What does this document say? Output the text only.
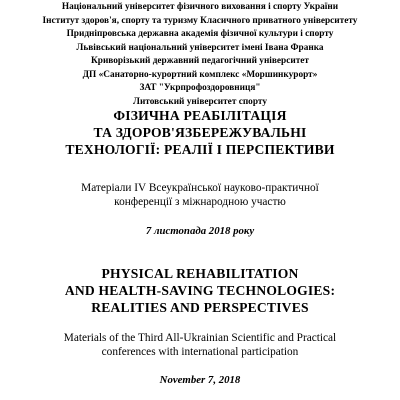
Національний університет фізичного виховання і спорту України
Інститут здоров'я, спорту та туризму Класичного приватного університету
Придніпровська державна академія фізичної культури і спорту
Львівський національний університет імені Івана Франка
Криворізький державний педагогічний університет
ДП «Санаторно-курортний комплекс «Моршинкурорт»
ЗАТ "Укрпрофоздоровниця"
Литовський університет спорту
ФІЗИЧНА РЕАБІЛІТАЦІЯ
ТА ЗДОРОВ'ЯЗБЕРЕЖУВАЛЬНІ
ТЕХНОЛОГІЇ: РЕАЛІЇ І ПЕРСПЕКТИВИ
Матеріали IV Всеукраїнської науково-практичної
конференції з міжнародною участю
7 листопада 2018 року
PHYSICAL REHABILITATION
AND HEALTH-SAVING TECHNOLOGIES:
REALITIES AND PERSPECTIVES
Materials of the Third All-Ukrainian Scientific and Practical
conferences with international participation
November 7, 2018
